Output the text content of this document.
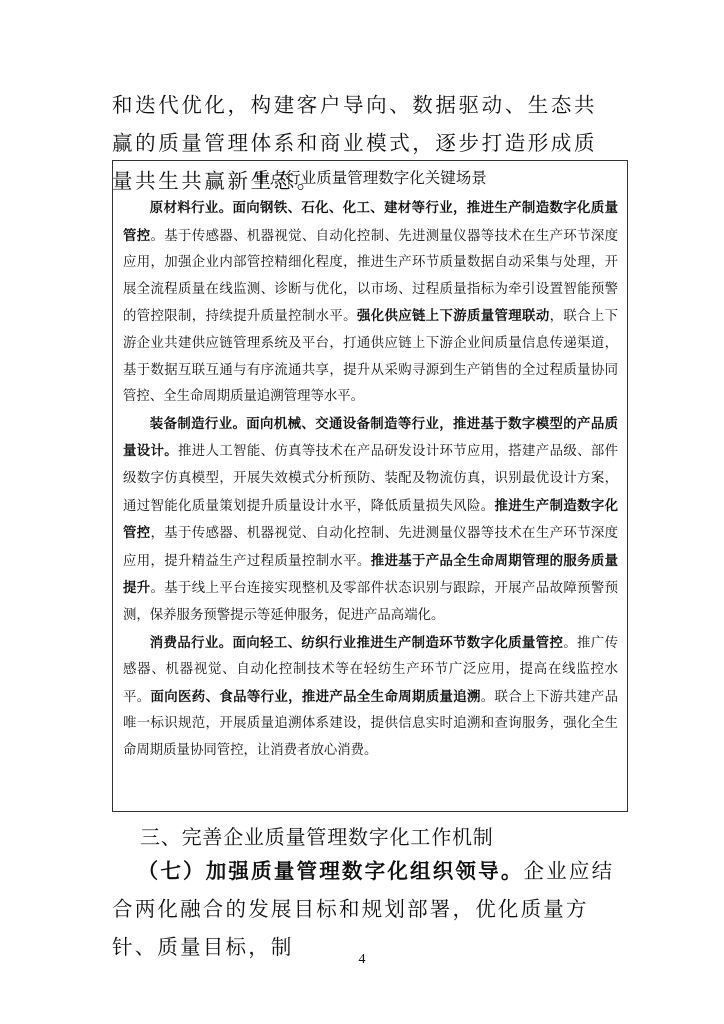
和迭代优化，构建客户导向、数据驱动、生态共赢的质量管理体系和商业模式，逐步打造形成质量共生共赢新生态。

重点行业质量管理数字化关键场景

原材料行业。面向钢铁、石化、化工、建材等行业，推进生产制造数字化质量管控。基于传感器、机器视觉、自动化控制、先进测量仪器等技术在生产环节深度应用，加强企业内部管控精细化程度，推进生产环节质量数据自动采集与处理，开展全流程质量在线监测、诊断与优化，以市场、过程质量指标为牵引设置智能预警的管控限制，持续提升质量控制水平。强化供应链上下游质量管理联动，联合上下游企业共建供应链管理系统及平台，打通供应链上下游企业间质量信息传递渠道，基于数据互联互通与有序流通共享，提升从采购寻源到生产销售的全过程质量协同管控、全生命周期质量追溯管理等水平。

装备制造行业。面向机械、交通设备制造等行业，推进基于数字模型的产品质量设计。推进人工智能、仿真等技术在产品研发设计环节应用，搭建产品级、部件级数字仿真模型，开展失效模式分析预防、装配及物流仿真，识别最优设计方案，通过智能化质量策划提升质量设计水平，降低质量损失风险。推进生产制造数字化管控，基于传感器、机器视觉、自动化控制、先进测量仪器等技术在生产环节深度应用，提升精益生产过程质量控制水平。推进基于产品全生命周期管理的服务质量提升。基于线上平台连接实现整机及零部件状态识别与跟踪，开展产品故障预警预测，保养服务预警提示等延伸服务，促进产品高端化。

消费品行业。面向轻工、纺织行业推进生产制造环节数字化质量管控。推广传感器、机器视觉、自动化控制技术等在轻纺生产环节广泛应用，提高在线监控水平。面向医药、食品等行业，推进产品全生命周期质量追溯。联合上下游共建产品唯一标识规范，开展质量追溯体系建设，提供信息实时追溯和查询服务，强化全生命周期质量协同管控，让消费者放心消费。

三、完善企业质量管理数字化工作机制

（七）加强质量管理数字化组织领导。企业应结合两化融合的发展目标和规划部署，优化质量方针、质量目标，制

4
